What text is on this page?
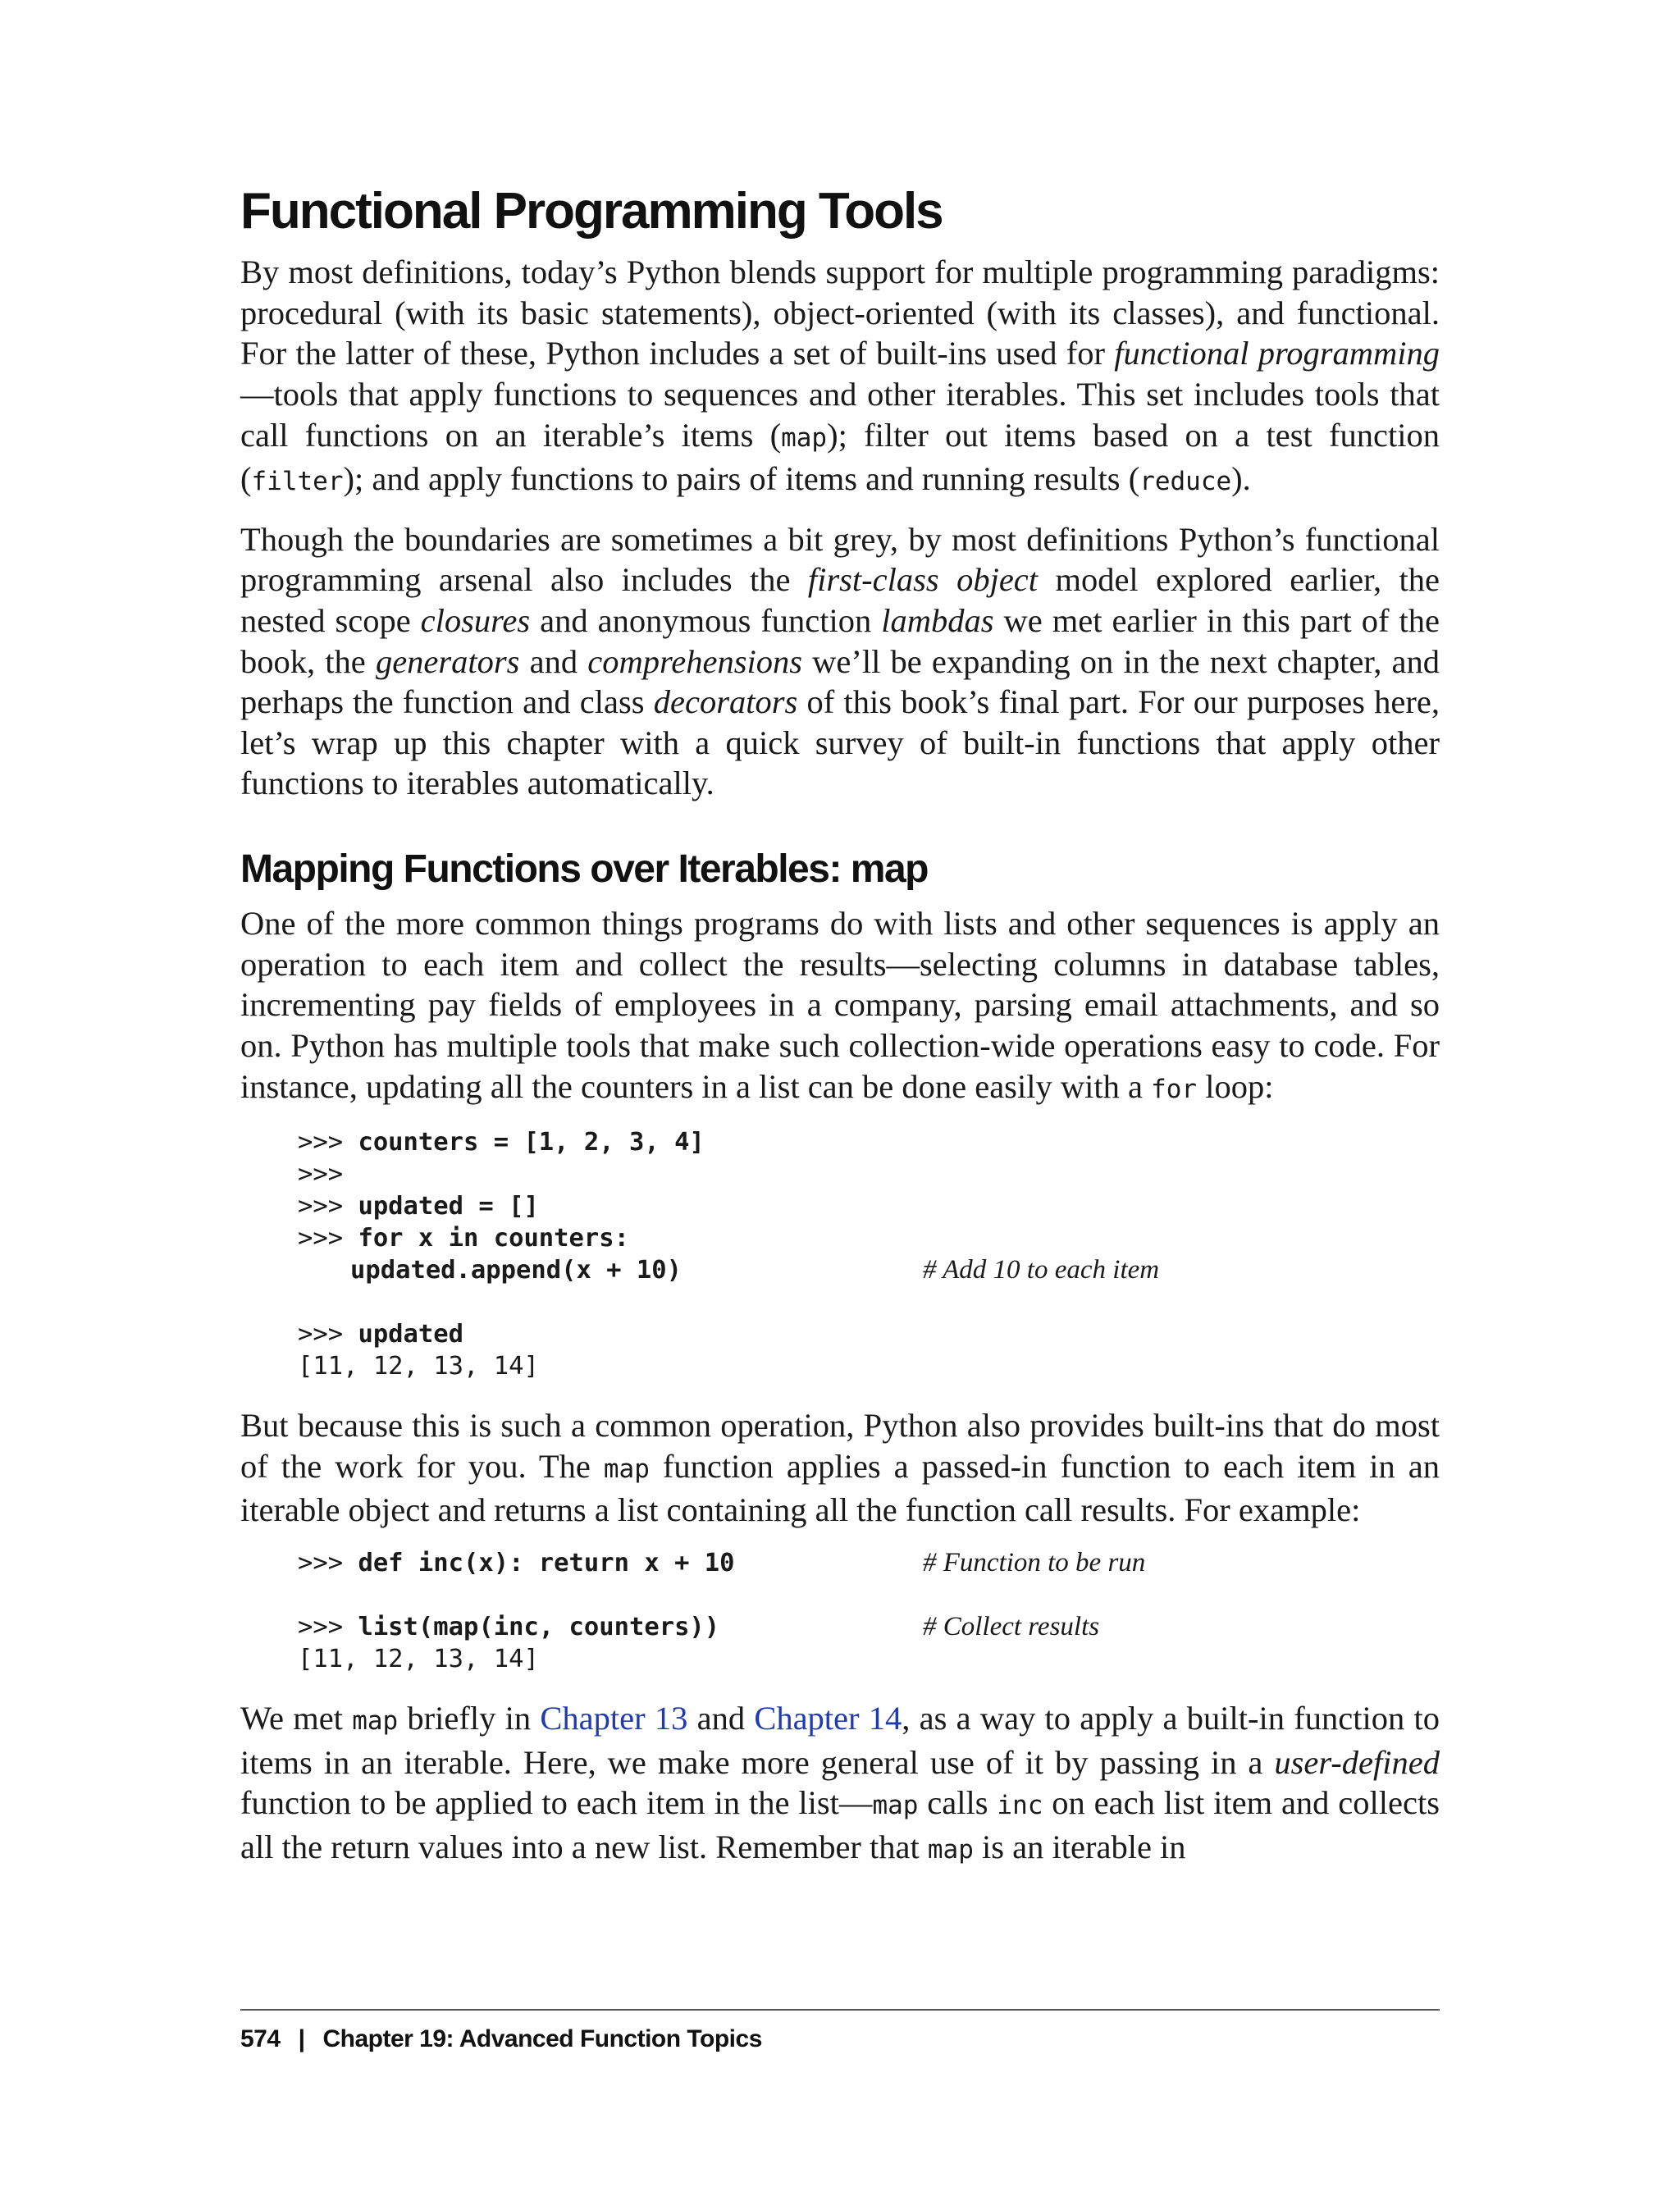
Functional Programming Tools

By most definitions, today’s Python blends support for multiple programming paradigms: procedural (with its basic statements), object-oriented (with its classes), and functional. For the latter of these, Python includes a set of built-ins used for functional programming—tools that apply functions to sequences and other iterables. This set includes tools that call functions on an iterable’s items (map); filter out items based on a test function (filter); and apply functions to pairs of items and running results (reduce).

Though the boundaries are sometimes a bit grey, by most definitions Python’s functional programming arsenal also includes the first-class object model explored earlier, the nested scope closures and anonymous function lambdas we met earlier in this part of the book, the generators and comprehensions we’ll be expanding on in the next chapter, and perhaps the function and class decorators of this book’s final part. For our purposes here, let’s wrap up this chapter with a quick survey of built-in functions that apply other functions to iterables automatically.

Mapping Functions over Iterables: map

One of the more common things programs do with lists and other sequences is apply an operation to each item and collect the results—selecting columns in database tables, incrementing pay fields of employees in a company, parsing email attachments, and so on. Python has multiple tools that make such collection-wide operations easy to code. For instance, updating all the counters in a list can be done easily with a for loop:

>>> counters = [1, 2, 3, 4]
>>>
>>> updated = []
>>> for x in counters:
updated.append(x + 10)	# Add 10 to each item
>>> updated
[11, 12, 13, 14]

But because this is such a common operation, Python also provides built-ins that do most of the work for you. The map function applies a passed-in function to each item in an iterable object and returns a list containing all the function call results. For example:

>>> def inc(x): return x + 10	# Function to be run
>>> list(map(inc, counters))	# Collect results
[11, 12, 13, 14]

We met map briefly in Chapter 13 and Chapter 14, as a way to apply a built-in function to items in an iterable. Here, we make more general use of it by passing in a user-defined function to be applied to each item in the list—map calls inc on each list item and collects all the return values into a new list. Remember that map is an iterable in

574 | Chapter 19: Advanced Function Topics
